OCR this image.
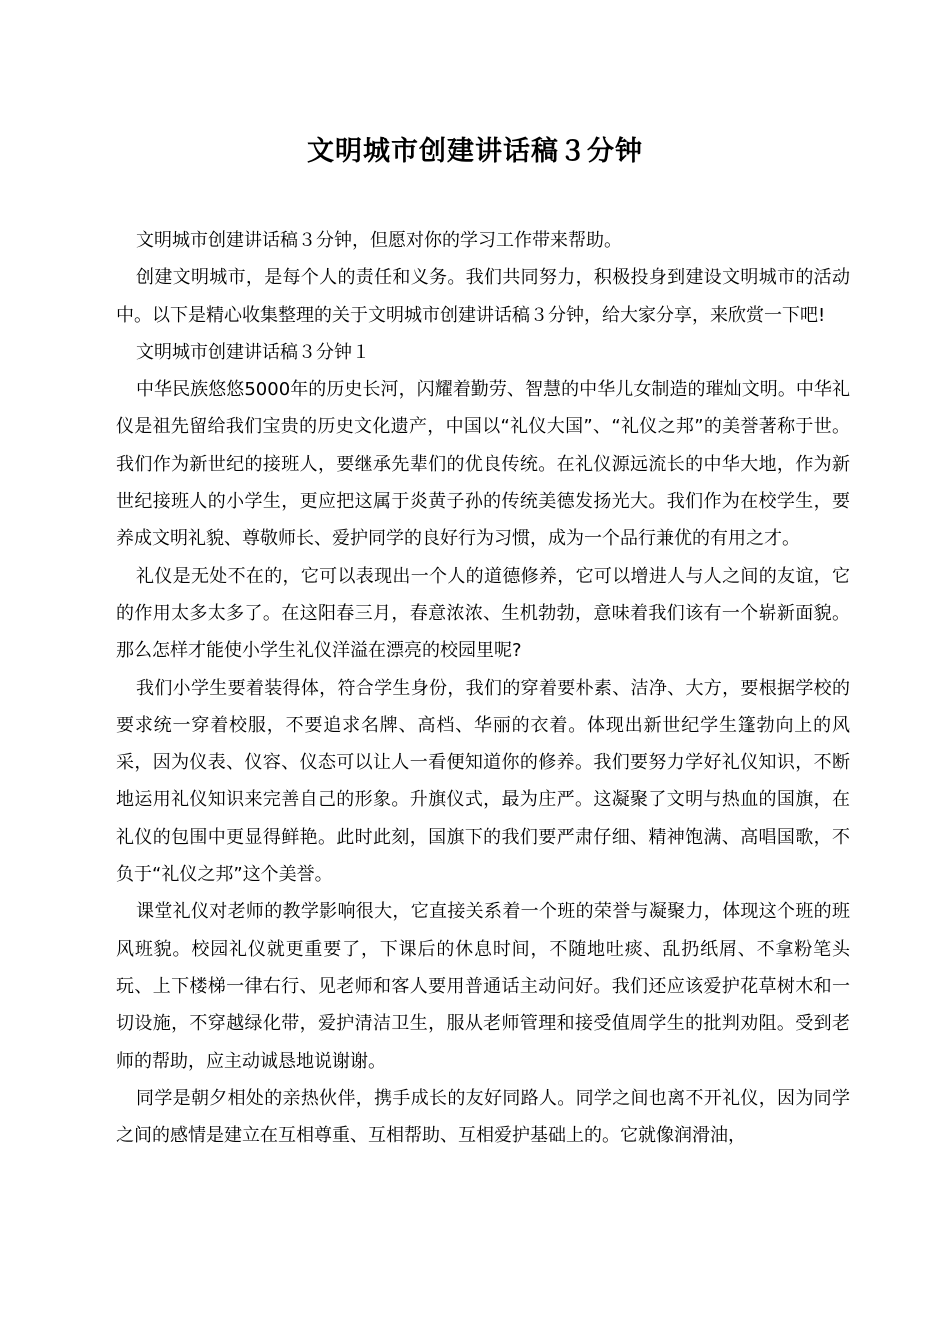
文明城市创建讲话稿３分钟

文明城市创建讲话稿３分钟，但愿对你的学习工作带来帮助。

创建文明城市，是每个人的责任和义务。我们共同努力，积极投身到建设文明城市的活动中。以下是精心收集整理的关于文明城市创建讲话稿３分钟，给大家分享，来欣赏一下吧!

文明城市创建讲话稿３分钟１

中华民族悠悠5000年的历史长河，闪耀着勤劳、智慧的中华儿女制造的璀灿文明。中华礼仪是祖先留给我们宝贵的历史文化遗产，中国以“礼仪大国”、“礼仪之邦”的美誉著称于世。我们作为新世纪的接班人，要继承先辈们的优良传统。在礼仪源远流长的中华大地，作为新世纪接班人的小学生，更应把这属于炎黄子孙的传统美德发扬光大。我们作为在校学生，要养成文明礼貌、尊敬师长、爱护同学的良好行为习惯，成为一个品行兼优的有用之才。

礼仪是无处不在的，它可以表现出一个人的道德修养，它可以增进人与人之间的友谊，它的作用太多太多了。在这阳春三月，春意浓浓、生机勃勃，意味着我们该有一个崭新面貌。那么怎样才能使小学生礼仪洋溢在漂亮的校园里呢?

我们小学生要着装得体，符合学生身份，我们的穿着要朴素、洁净、大方，要根据学校的要求统一穿着校服，不要追求名牌、高档、华丽的衣着。体现出新世纪学生篷勃向上的风采，因为仪表、仪容、仪态可以让人一看便知道你的修养。我们要努力学好礼仪知识，不断地运用礼仪知识来完善自己的形象。升旗仪式，最为庄严。这凝聚了文明与热血的国旗，在礼仪的包围中更显得鲜艳。此时此刻，国旗下的我们要严肃仔细、精神饱满、高唱国歌，不负于“礼仪之邦”这个美誉。

课堂礼仪对老师的教学影响很大，它直接关系着一个班的荣誉与凝聚力，体现这个班的班风班貌。校园礼仪就更重要了，下课后的休息时间，不随地吐痰、乱扔纸屑、不拿粉笔头玩、上下楼梯一律右行、见老师和客人要用普通话主动问好。我们还应该爱护花草树木和一切设施，不穿越绿化带，爱护清洁卫生，服从老师管理和接受值周学生的批判劝阻。受到老师的帮助，应主动诚恳地说谢谢。

同学是朝夕相处的亲热伙伴，携手成长的友好同路人。同学之间也离不开礼仪，因为同学之间的感情是建立在互相尊重、互相帮助、互相爱护基础上的。它就像润滑油，
